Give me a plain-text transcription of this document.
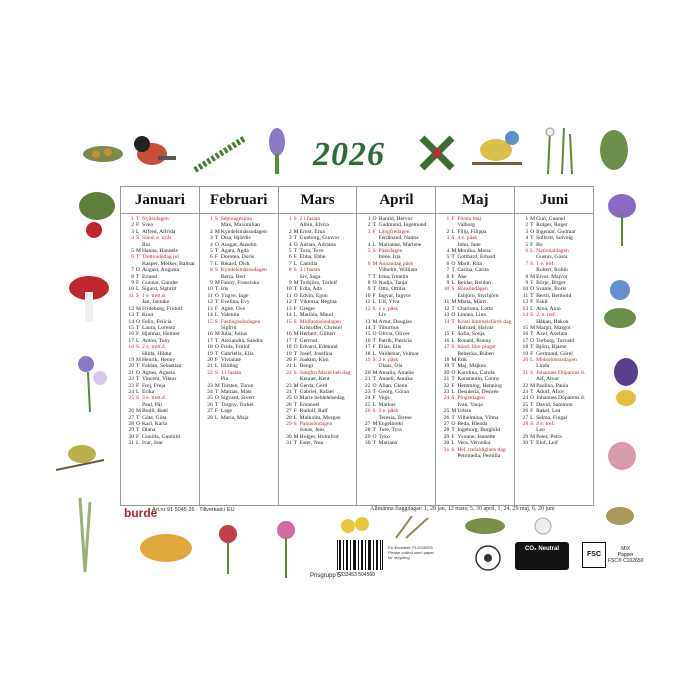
2026
Januari
1 T Nyårsdagen
2 F Svea
3 L Alfred, Alfrida
4 S Sönd. e. nyår
Rut
5 MHanna, Hannele
6 T Trettondedag jul
Kasper, Melker, Baltsar
7 O August, Augusta
8 T Erland
9 F Gunnar, Gunder
10 L Sigurd, Sigbritt
11 S 1 e. trett.d.
Jan, Jannike
12 MFrideborg, Fridolf
13 T Knut
14 O Felix, Felicia
15 T Laura, Lorentz
16 F Hjalmar, Helmer
17 L Anton, Tony
18 S 2 e. trett.d.
Hilda, Hildur
19 MHenrik, Henny
20 T Fabian, Sebastian
21 O Agnes, Agneta
22 T Vincent, Viktor
23 F Frej, Freja
24 L Erika
25 S 3 e. trett.d.
Paul, Pål
26 MBodil, Boel
27 T Göte, Göta
28 O Karl, Karla
29 T Diana
30 F Gunilla, Gunhild
31 L Ivar, Joar
Februari
1 S Septuagesima
Max, Maximilian
2 MKyndelsmässodagen
3 T Disa, Hjördis
4 O Ansgar, Anselm
5 T Agata, Agda
6 F Dorotea, Doris
7 L Rikard, Dick
8 S Kyndelsmässodagen
Berta, Bert
9 MFanny, Franciska
10 T Iris
11 O Yngve, Inge
12 T Evelina, Evy
13 F Agne, Ove
14 L Valentin
15 S Fastlagssöndagen
Sigfrid
16 MJulia, Julius
17 T Alexandra, Sandra
18 O Frida, Fritiof
19 T Gabriella, Ella
20 F Vivianne
21 L Hilding
22 S 1 i fastan
Pia
23 MTorsten, Torun
24 T Mattias, Mats
25 O Sigvard, Sivert
26 T Torgny, Torkel
27 F Lage
28 L Maria, Maja
Mars
1 S 2 i fastan
Albin, Elvira
2 MErnst, Erna
3 T Gunborg, Gunvor
4 O Adrian, Adriana
5 T Tora, Tove
6 F Ebba, Ebbe
7 L Camilla
8 S 3 i fastan
Siv, Saga
9 MTorbjörn, Torleif
10 T Edla, Ada
11 O Edvin, Egon
12 T Viktoria, Regina
13 F Greger
14 L Matilda, Maud
15 S Midfastosöndagen
Kristoffer, Christel
16 MHerbert, Gilbert
17 T Gertrud
18 O Edvard, Edmund
19 T Josef, Josefina
20 F Joakim, Kim
21 L Bengt
22 S Jungfru Marie beb.dag
Kennet, Kent
23 MGerda, Gerd
24 T Gabriel, Rafael
25 O Marie bebådelsedag
26 T Emanuel
27 F Rudolf, Ralf
28 L Malkolm, Morgan
29 S Palmsöndagen
Jonas, Jens
30 MHolger, Holmfrid
31 T Ester, Noa
April
1 O Harald, Hervor
2 T Gudmund, Ingemund
3 F Långfredagen
Ferdinand, Nanna
4 L Marianne, Marlene
5 S Påskdagen
Irene, Irja
6 MAnnandag påsk
Vilhelm, William
7 T Irma, Irmelin
8 O Nadja, Tanja
9 T Otto, Ottilia
10 F Ingvar, Ingvor
11 L Ulf, Ylva
12 S 1 e. påsk
Liv
13 MArtur, Douglas
14 T Tiburtius
15 O Olivia, Oliver
16 T Patrik, Patricia
17 F Elias, Elis
18 L Valdemar, Volmar
19 S 2 e. påsk
Olaus, Ola
20 MAmalia, Amelie
21 T Anneli, Annika
22 O Allan, Glenn
23 T Georg, Göran
24 F Vega
25 L Markus
26 S 3 e. påsk
Teresia, Terese
27 MEngelbrekt
28 T Ture, Tyra
29 O Tyko
30 T Mariana
Maj
1 F Första maj
Valborg
2 L Filip, Filippa
3 S 4 e. påsk
John, Jane
4 MMonika, Mona
5 T Gotthard, Erhard
6 O Marit, Rita
7 T Carina, Carita
8 F Åke
9 L Reidar, Reidun
10 S Bönsöndagen
Esbjörn, Styrbjörn
11 MMärta, Märit
12 T Charlotta, Lotta
13 O Linnea, Linn
14 T Kristi himmelsfärds dag
Halvard, Halvar
15 F Sofia, Sonja
16 L Ronald, Ronny
17 S Sönd. före pingst
Rebecka, Ruben
18 MErik
19 T Maj, Majken
20 O Karolina, Carola
21 T Konstantin, Conny
22 F Hemming, Henning
23 L Desideria, Desirée
24 S Pingstdagen
Ivan, Vanja
25 MUrban
26 T Vilhelmina, Vilma
27 O Beda, Blenda
28 T Ingeborg, Borghild
29 F Yvonne, Jeanette
30 L Vera, Veronika
31 S Hel. trefaldighets dag
Petronella, Pernilla
Juni
1 MGun, Gunnel
2 T Rutger, Roger
3 O Ingemar, Gudmar
4 T Solbritt, Solveig
5 F Bo
6 L Nationaldagen
Gustav, Gösta
7 S 1 e. tref.
Robert, Robin
8 MEivor, Majvor
9 T Börje, Birger
10 O Svante, Boris
11 T Bertil, Berthold
12 F Eskil
13 L Aina, Aino
14 S 2. e. tref.
Håkan, Hakon
15 MMargit, Margot
16 T Axel, Axelina
17 O Torborg, Torvald
18 T Björn, Bjarne
19 F Germund, Görel
20 L Midsommardagen
Linda
21 S Johannes Döparens d.
Alf, Alvar
22 MPaulina, Paula
23 T Adolf, Alice
24 O Johannes Döparens d.
25 T David, Salomon
26 F Rakel, Lea
27 L Selma, Fingal
28 S 4 e. tref.
Leo
29 MPeter, Petra
30 T Elof, Leif
burde
Art.nr 91 5045 26 · Tillverkad i EU	Allmänna flaggdagar: 1, 28 jan, 12 mars, 5, 30 april, 1, 24, 29 maj, 6, 20 juni
7 333453 504560
Prisgrupp 5
EU Ecolabel: PL/033/005
Please collect used paper for recycling
CO₂ Neutral
FSC
MIX
Papper
FSC® C102650
